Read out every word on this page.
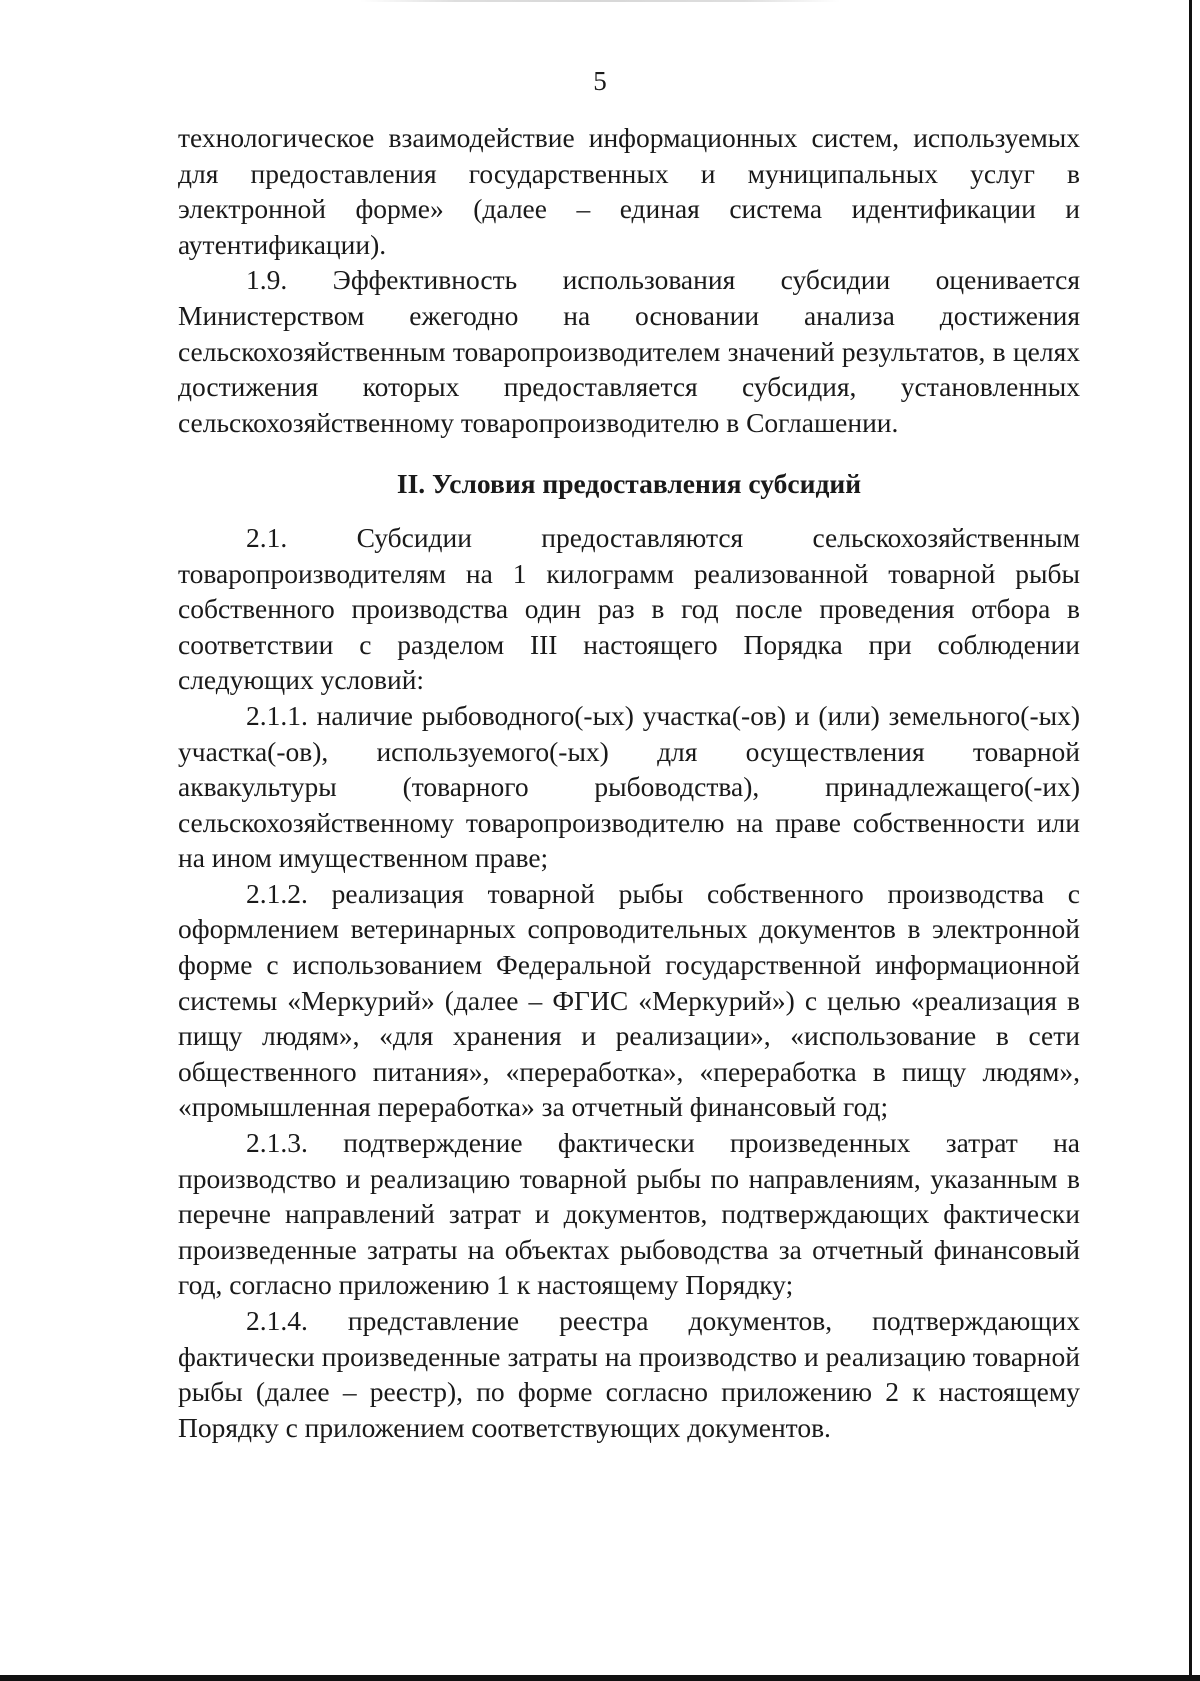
5

технологическое взаимодействие информационных систем, используемых для предоставления государственных и муниципальных услуг в электронной форме» (далее – единая система идентификации и аутентификации).

1.9. Эффективность использования субсидии оценивается Министерством ежегодно на основании анализа достижения сельскохозяйственным товаропроизводителем значений результатов, в целях достижения которых предоставляется субсидия, установленных сельскохозяйственному товаропроизводителю в Соглашении.

II. Условия предоставления субсидий

2.1. Субсидии предоставляются сельскохозяйственным товаропроизводителям на 1 килограмм реализованной товарной рыбы собственного производства один раз в год после проведения отбора в соответствии с разделом III настоящего Порядка при соблюдении следующих условий:

2.1.1. наличие рыбоводного(-ых) участка(-ов) и (или) земельного(-ых) участка(-ов), используемого(-ых) для осуществления товарной аквакультуры (товарного рыбоводства), принадлежащего(-их) сельскохозяйственному товаропроизводителю на праве собственности или на ином имущественном праве;

2.1.2. реализация товарной рыбы собственного производства с оформлением ветеринарных сопроводительных документов в электронной форме с использованием Федеральной государственной информационной системы «Меркурий» (далее – ФГИС «Меркурий») с целью «реализация в пищу людям», «для хранения и реализации», «использование в сети общественного питания», «переработка», «переработка в пищу людям», «промышленная переработка» за отчетный финансовый год;

2.1.3. подтверждение фактически произведенных затрат на производство и реализацию товарной рыбы по направлениям, указанным в перечне направлений затрат и документов, подтверждающих фактически произведенные затраты на объектах рыбоводства за отчетный финансовый год, согласно приложению 1 к настоящему Порядку;

2.1.4. представление реестра документов, подтверждающих фактически произведенные затраты на производство и реализацию товарной рыбы (далее – реестр), по форме согласно приложению 2 к настоящему Порядку с приложением соответствующих документов.
